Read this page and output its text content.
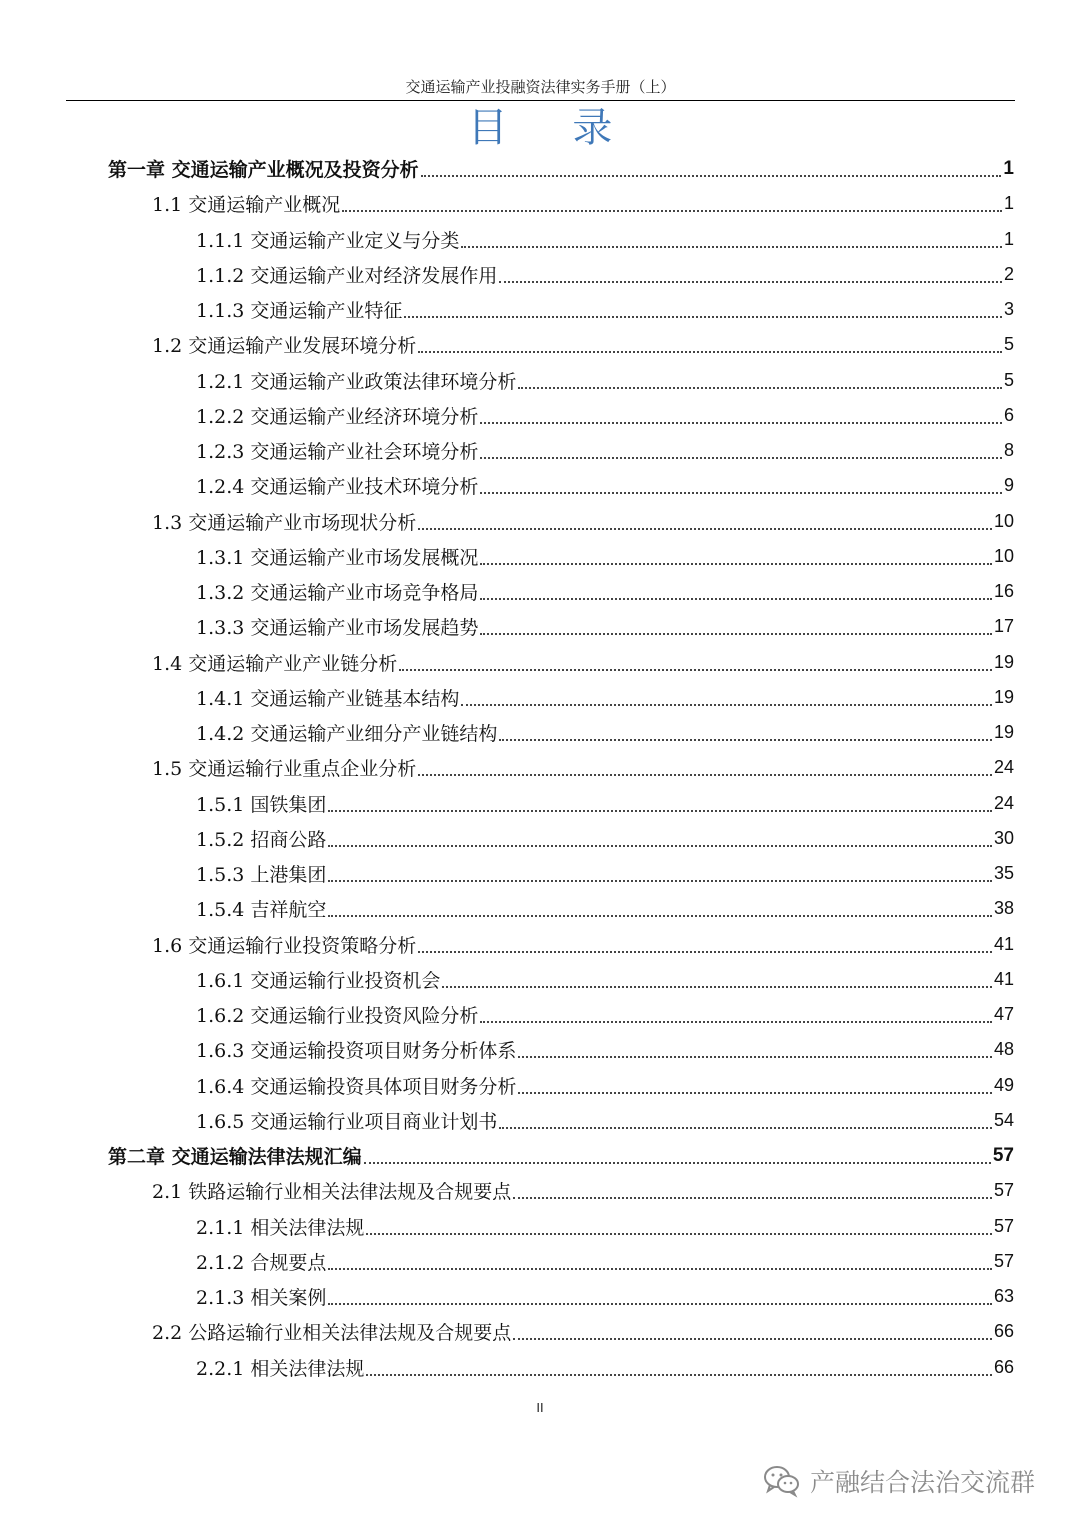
交通运输产业投融资法律实务手册（上）
目 录
第一章 交通运输产业概况及投资分析	1
1.1 交通运输产业概况	1
1.1.1 交通运输产业定义与分类	1
1.1.2 交通运输产业对经济发展作用	2
1.1.3 交通运输产业特征	3
1.2 交通运输产业发展环境分析	5
1.2.1 交通运输产业政策法律环境分析	5
1.2.2 交通运输产业经济环境分析	6
1.2.3 交通运输产业社会环境分析	8
1.2.4 交通运输产业技术环境分析	9
1.3 交通运输产业市场现状分析	10
1.3.1 交通运输产业市场发展概况	10
1.3.2 交通运输产业市场竞争格局	16
1.3.3 交通运输产业市场发展趋势	17
1.4 交通运输产业产业链分析	19
1.4.1 交通运输产业链基本结构	19
1.4.2 交通运输产业细分产业链结构	19
1.5 交通运输行业重点企业分析	24
1.5.1 国铁集团	24
1.5.2 招商公路	30
1.5.3 上港集团	35
1.5.4 吉祥航空	38
1.6 交通运输行业投资策略分析	41
1.6.1 交通运输行业投资机会	41
1.6.2 交通运输行业投资风险分析	47
1.6.3 交通运输投资项目财务分析体系	48
1.6.4 交通运输投资具体项目财务分析	49
1.6.5 交通运输行业项目商业计划书	54
第二章 交通运输法律法规汇编	57
2.1 铁路运输行业相关法律法规及合规要点	57
2.1.1 相关法律法规	57
2.1.2 合规要点	57
2.1.3 相关案例	63
2.2 公路运输行业相关法律法规及合规要点	66
2.2.1 相关法律法规	66
II
产融结合法治交流群
